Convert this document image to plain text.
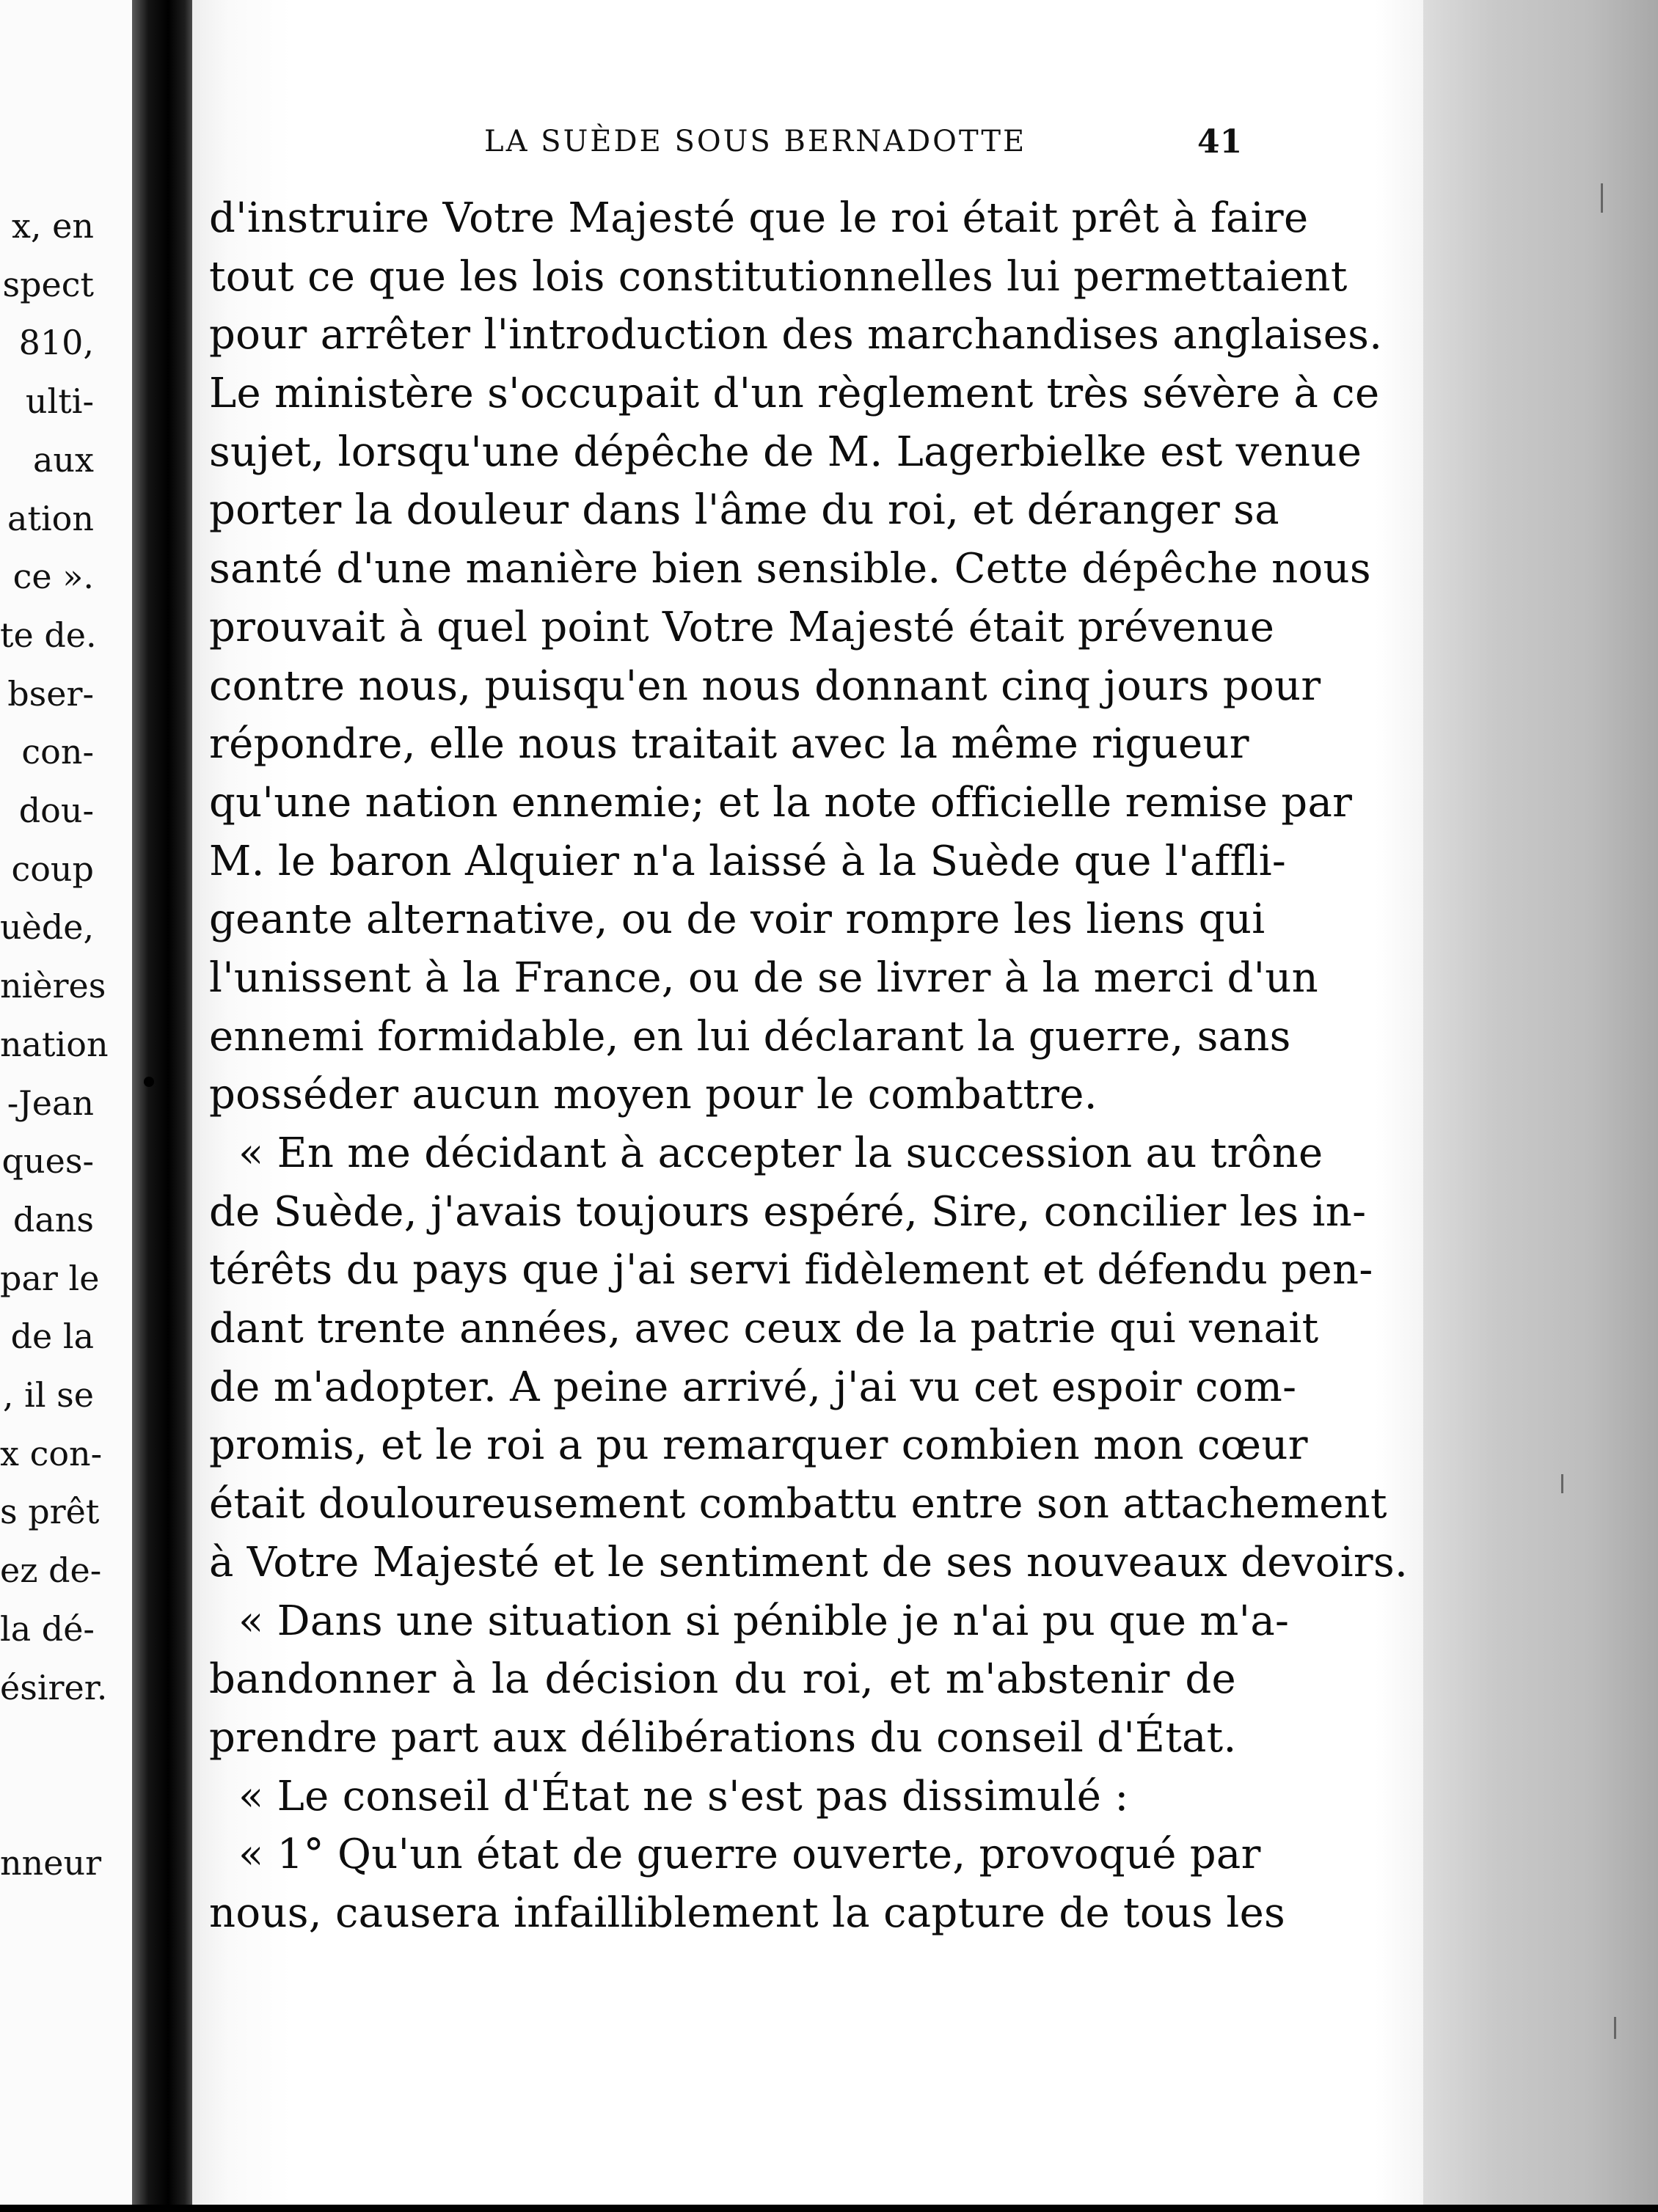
x, en
spect
810,
ulti-
aux
ation
ce ».
te de.
bser-
con-
dou-
coup
uède,
nières
nation
-Jean
ques-
dans
par le
de la
, il se
x con-
s prêt
ez de-
la dé-
ésirer.
nneur
LA SUÈDE SOUS BERNADOTTE	41
d'instruire Votre Majesté que le roi était prêt à faire
tout ce que les lois constitutionnelles lui permettaient
pour arrêter l'introduction des marchandises anglaises.
Le ministère s'occupait d'un règlement très sévère à ce
sujet, lorsqu'une dépêche de M. Lagerbielke est venue
porter la douleur dans l'âme du roi, et déranger sa
santé d'une manière bien sensible. Cette dépêche nous
prouvait à quel point Votre Majesté était prévenue
contre nous, puisqu'en nous donnant cinq jours pour
répondre, elle nous traitait avec la même rigueur
qu'une nation ennemie; et la note officielle remise par
M. le baron Alquier n'a laissé à la Suède que l'affli-
geante alternative, ou de voir rompre les liens qui
l'unissent à la France, ou de se livrer à la merci d'un
ennemi formidable, en lui déclarant la guerre, sans
posséder aucun moyen pour le combattre.
« En me décidant à accepter la succession au trône
de Suède, j'avais toujours espéré, Sire, concilier les in-
térêts du pays que j'ai servi fidèlement et défendu pen-
dant trente années, avec ceux de la patrie qui venait
de m'adopter. A peine arrivé, j'ai vu cet espoir com-
promis, et le roi a pu remarquer combien mon cœur
était douloureusement combattu entre son attachement
à Votre Majesté et le sentiment de ses nouveaux devoirs.
« Dans une situation si pénible je n'ai pu que m'a-
bandonner à la décision du roi, et m'abstenir de
prendre part aux délibérations du conseil d'État.
« Le conseil d'État ne s'est pas dissimulé :
« 1° Qu'un état de guerre ouverte, provoqué par
nous, causera infailliblement la capture de tous les
